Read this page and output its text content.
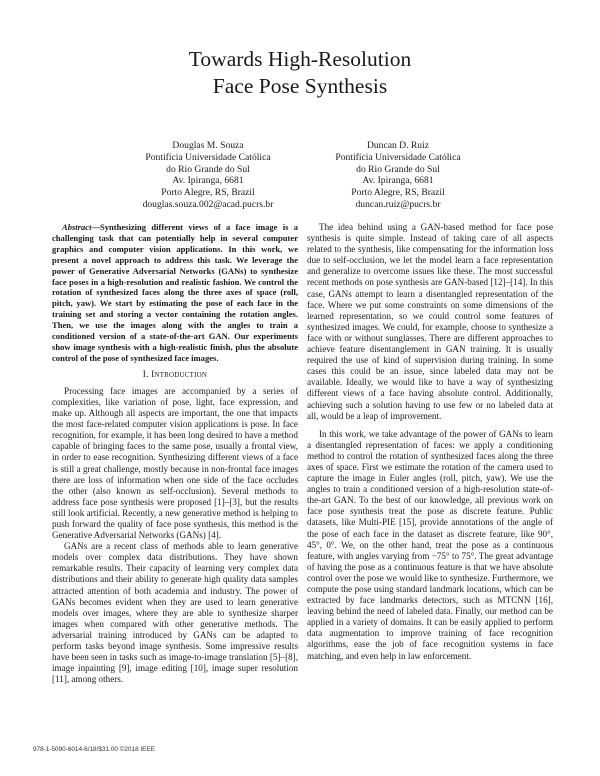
Towards High-Resolution
Face Pose Synthesis
Douglas M. Souza
Pontifícia Universidade Católica
do Rio Grande do Sul
Av. Ipiranga, 6681
Porto Alegre, RS, Brazil
douglas.souza.002@acad.pucrs.br
Duncan D. Ruiz
Pontifícia Universidade Católica
do Rio Grande do Sul
Av. Ipiranga, 6681
Porto Alegre, RS, Brazil
duncan.ruiz@pucrs.br

Abstract—Synthesizing different views of a face image is a challenging task that can potentially help in several computer graphics and computer vision applications. In this work, we present a novel approach to address this task. We leverage the power of Generative Adversarial Networks (GANs) to synthesize face poses in a high-resolution and realistic fashion. We control the rotation of synthesized faces along the three axes of space (roll, pitch, yaw). We start by estimating the pose of each face in the training set and storing a vector containing the rotation angles. Then, we use the images along with the angles to train a conditioned version of a state-of-the-art GAN. Our experiments show image synthesis with a high-realistic finish, plus the absolute control of the pose of synthesized face images.

I. Introduction

Processing face images are accompanied by a series of complexities, like variation of pose, light, face expression, and make up. Although all aspects are important, the one that impacts the most face-related computer vision applications is pose. In face recognition, for example, it has been long desired to have a method capable of bringing faces to the same pose, usually a frontal view, in order to ease recognition. Synthesizing different views of a face is still a great challenge, mostly because in non-frontal face images there are loss of information when one side of the face occludes the other (also known as self-occlusion). Several methods to address face pose synthesis were proposed [1]–[3], but the results still look artificial. Recently, a new generative method is helping to push forward the quality of face pose synthesis, this method is the Generative Adversarial Networks (GANs) [4].

GANs are a recent class of methods able to learn generative models over complex data distributions. They have shown remarkable results. Their capacity of learning very complex data distributions and their ability to generate high quality data samples attracted attention of both academia and industry. The power of GANs becomes evident when they are used to learn generative models over images, where they are able to synthesize sharper images when compared with other generative methods. The adversarial training introduced by GANs can be adapted to perform tasks beyond image synthesis. Some impressive results have been seen in tasks such as image-to-image translation [5]–[8], image inpainting [9], image editing [10], image super resolution [11], among others.

The idea behind using a GAN-based method for face pose synthesis is quite simple. Instead of taking care of all aspects related to the synthesis, like compensating for the information loss due to self-occlusion, we let the model learn a face representation and generalize to overcome issues like these. The most successful recent methods on pose synthesis are GAN-based [12]–[14]. In this case, GANs attempt to learn a disentangled representation of the face. Where we put some constraints on some dimensions of the learned representation, so we could control some features of synthesized images. We could, for example, choose to synthesize a face with or without sunglasses. There are different approaches to achieve feature disentanglement in GAN training. It is usually required the use of kind of supervision during training. In some cases this could be an issue, since labeled data may not be available. Ideally, we would like to have a way of synthesizing different views of a face having absolute control. Additionally, achieving such a solution having to use few or no labeled data at all, would be a leap of improvement.

In this work, we take advantage of the power of GANs to learn a disentangled representation of faces: we apply a conditioning method to control the rotation of synthesized faces along the three axes of space. First we estimate the rotation of the camera used to capture the image in Euler angles (roll, pitch, yaw). We use the angles to train a conditioned version of a high-resolution state-of-the-art GAN. To the best of our knowledge, all previous work on face pose synthesis treat the pose as discrete feature. Public datasets, like Multi-PIE [15], provide annotations of the angle of the pose of each face in the dataset as discrete feature, like 90°, 45°, 0°. We, on the other hand, treat the pose as a continuous feature, with angles varying from −75° to 75°. The great advantage of having the pose as a continuous feature is that we have absolute control over the pose we would like to synthesize. Furthermore, we compute the pose using standard landmark locations, which can be extracted by face landmarks detectors, such as MTCNN [16], leaving behind the need of labeled data. Finally, our method can be applied in a variety of domains. It can be easily applied to perform data augmentation to improve training of face recognition algorithms, ease the job of face recognition systems in face matching, and even help in law enforcement.

978-1-5090-6014-6/18/$31.00 ©2018 IEEE
